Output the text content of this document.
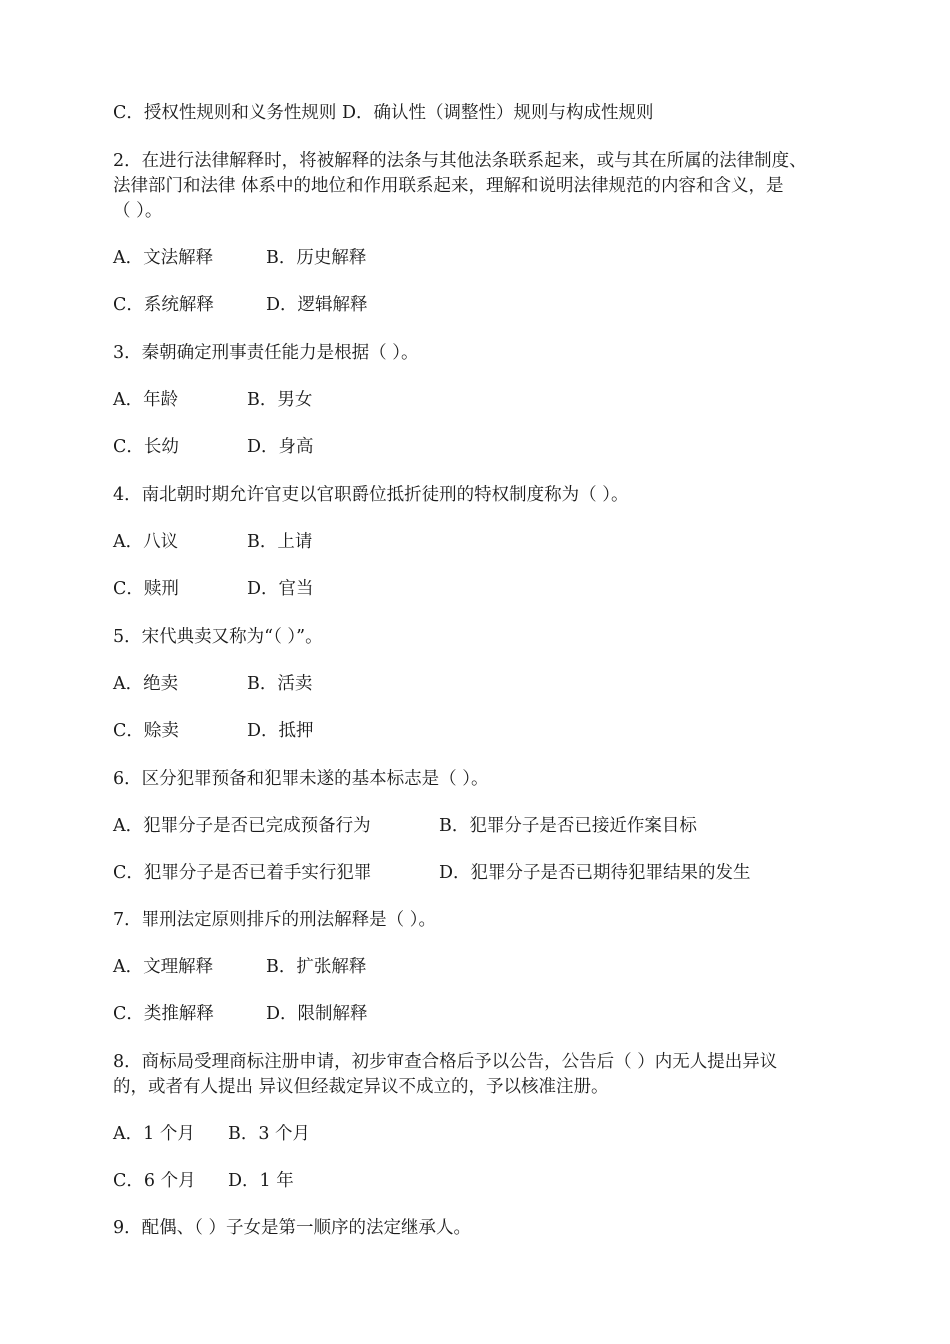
C．授权性规则和义务性规则 D．确认性（调整性）规则与构成性规则
2．在进行法律解释时，将被解释的法条与其他法条联系起来，或与其在所属的法律制度、
法律部门和法律 体系中的地位和作用联系起来，理解和说明法律规范的内容和含义，是
（ ）。
A．文法解释	B．历史解释
C．系统解释	D．逻辑解释
3．秦朝确定刑事责任能力是根据（ ）。
A．年龄	B．男女
C．长幼	D．身高
4．南北朝时期允许官吏以官职爵位抵折徒刑的特权制度称为（ ）。
A．八议	B．上请
C．赎刑	D．官当
5．宋代典卖又称为“（ ）”。
A．绝卖	B．活卖
C．赊卖	D．抵押
6．区分犯罪预备和犯罪未遂的基本标志是（ ）。
A．犯罪分子是否已完成预备行为	B．犯罪分子是否已接近作案目标
C．犯罪分子是否已着手实行犯罪	D．犯罪分子是否已期待犯罪结果的发生
7．罪刑法定原则排斥的刑法解释是（ ）。
A．文理解释	B．扩张解释
C．类推解释	D．限制解释
8．商标局受理商标注册申请，初步审查合格后予以公告，公告后（ ）内无人提出异议
的，或者有人提出 异议但经裁定异议不成立的，予以核准注册。
A．1 个月 B．3 个月
C．6 个月 D．1 年
9．配偶、（ ）子女是第一顺序的法定继承人。
